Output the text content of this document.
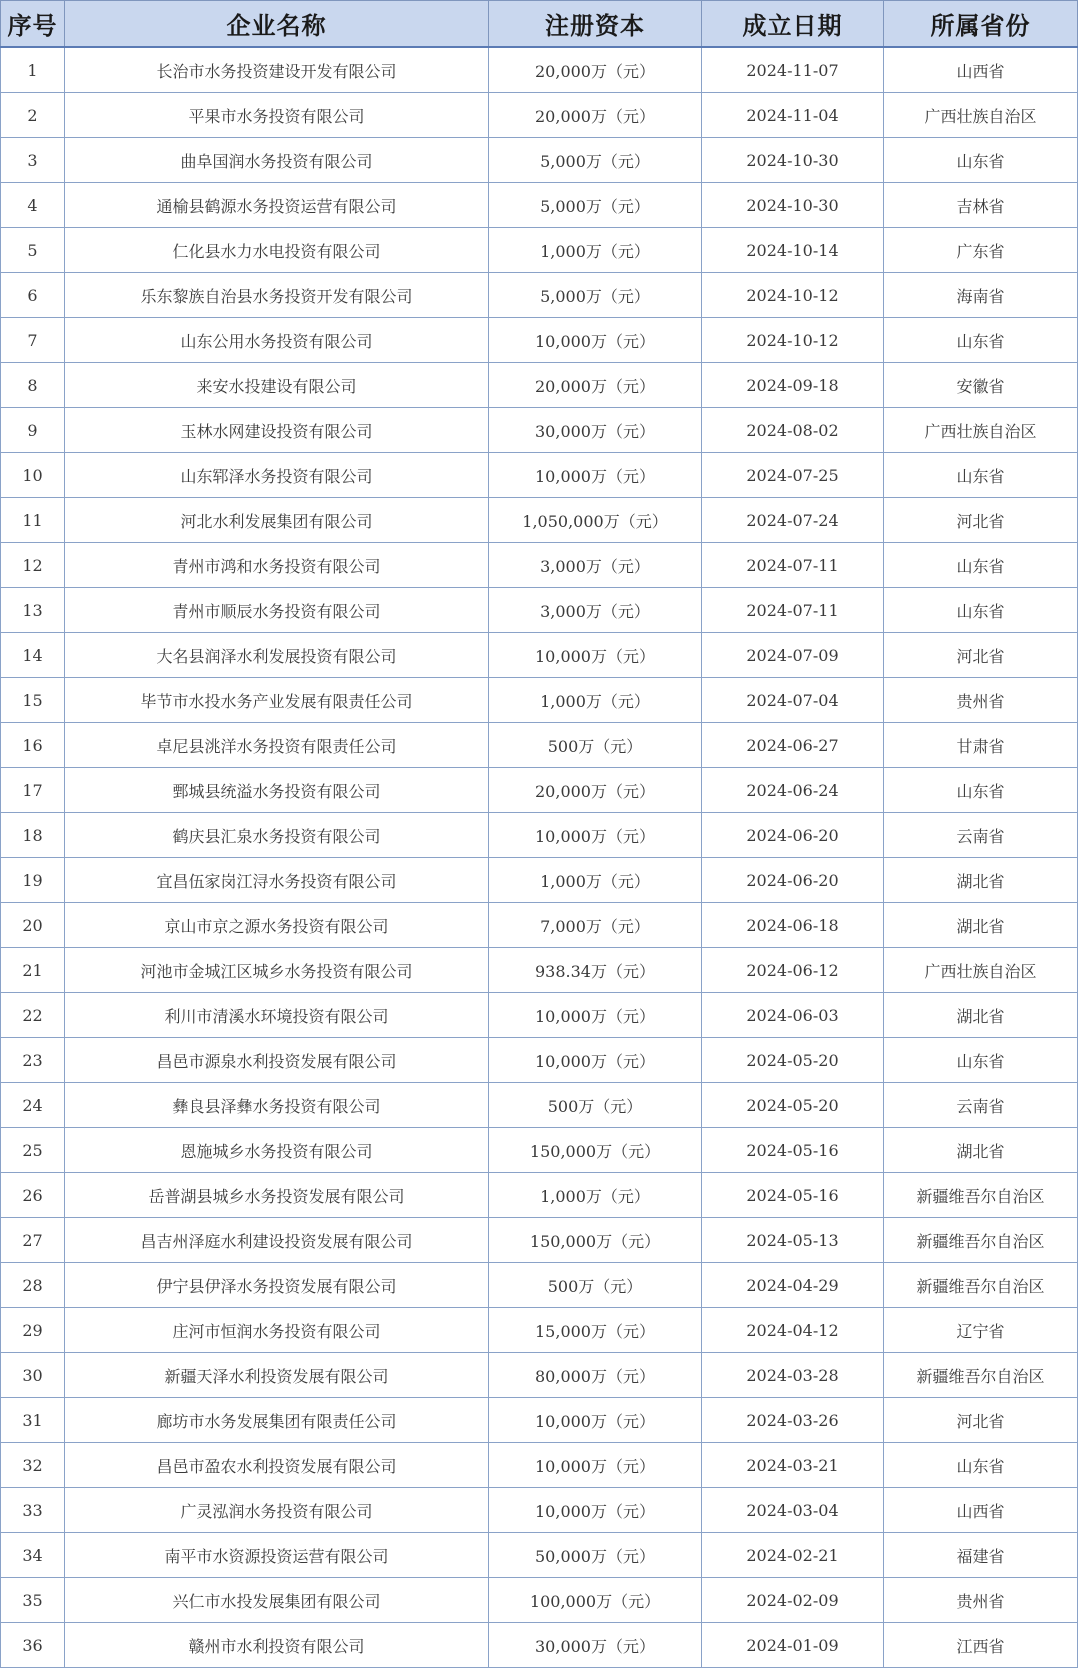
序号	企业名称	注册资本	成立日期	所属省份
1	长治市水务投资建设开发有限公司	20,000万（元）	2024-11-07	山西省
2	平果市水务投资有限公司	20,000万（元）	2024-11-04	广西壮族自治区
3	曲阜国润水务投资有限公司	5,000万（元）	2024-10-30	山东省
4	通榆县鹤源水务投资运营有限公司	5,000万（元）	2024-10-30	吉林省
5	仁化县水力水电投资有限公司	1,000万（元）	2024-10-14	广东省
6	乐东黎族自治县水务投资开发有限公司	5,000万（元）	2024-10-12	海南省
7	山东公用水务投资有限公司	10,000万（元）	2024-10-12	山东省
8	来安水投建设有限公司	20,000万（元）	2024-09-18	安徽省
9	玉林水网建设投资有限公司	30,000万（元）	2024-08-02	广西壮族自治区
10	山东郓泽水务投资有限公司	10,000万（元）	2024-07-25	山东省
11	河北水利发展集团有限公司	1,050,000万（元）	2024-07-24	河北省
12	青州市鸿和水务投资有限公司	3,000万（元）	2024-07-11	山东省
13	青州市顺辰水务投资有限公司	3,000万（元）	2024-07-11	山东省
14	大名县润泽水利发展投资有限公司	10,000万（元）	2024-07-09	河北省
15	毕节市水投水务产业发展有限责任公司	1,000万（元）	2024-07-04	贵州省
16	卓尼县洮洋水务投资有限责任公司	500万（元）	2024-06-27	甘肃省
17	鄄城县统溢水务投资有限公司	20,000万（元）	2024-06-24	山东省
18	鹤庆县汇泉水务投资有限公司	10,000万（元）	2024-06-20	云南省
19	宜昌伍家岗江浔水务投资有限公司	1,000万（元）	2024-06-20	湖北省
20	京山市京之源水务投资有限公司	7,000万（元）	2024-06-18	湖北省
21	河池市金城江区城乡水务投资有限公司	938.34万（元）	2024-06-12	广西壮族自治区
22	利川市清溪水环境投资有限公司	10,000万（元）	2024-06-03	湖北省
23	昌邑市源泉水利投资发展有限公司	10,000万（元）	2024-05-20	山东省
24	彝良县泽彝水务投资有限公司	500万（元）	2024-05-20	云南省
25	恩施城乡水务投资有限公司	150,000万（元）	2024-05-16	湖北省
26	岳普湖县城乡水务投资发展有限公司	1,000万（元）	2024-05-16	新疆维吾尔自治区
27	昌吉州泽庭水利建设投资发展有限公司	150,000万（元）	2024-05-13	新疆维吾尔自治区
28	伊宁县伊泽水务投资发展有限公司	500万（元）	2024-04-29	新疆维吾尔自治区
29	庄河市恒润水务投资有限公司	15,000万（元）	2024-04-12	辽宁省
30	新疆天泽水利投资发展有限公司	80,000万（元）	2024-03-28	新疆维吾尔自治区
31	廊坊市水务发展集团有限责任公司	10,000万（元）	2024-03-26	河北省
32	昌邑市盈农水利投资发展有限公司	10,000万（元）	2024-03-21	山东省
33	广灵泓润水务投资有限公司	10,000万（元）	2024-03-04	山西省
34	南平市水资源投资运营有限公司	50,000万（元）	2024-02-21	福建省
35	兴仁市水投发展集团有限公司	100,000万（元）	2024-02-09	贵州省
36	赣州市水利投资有限公司	30,000万（元）	2024-01-09	江西省
